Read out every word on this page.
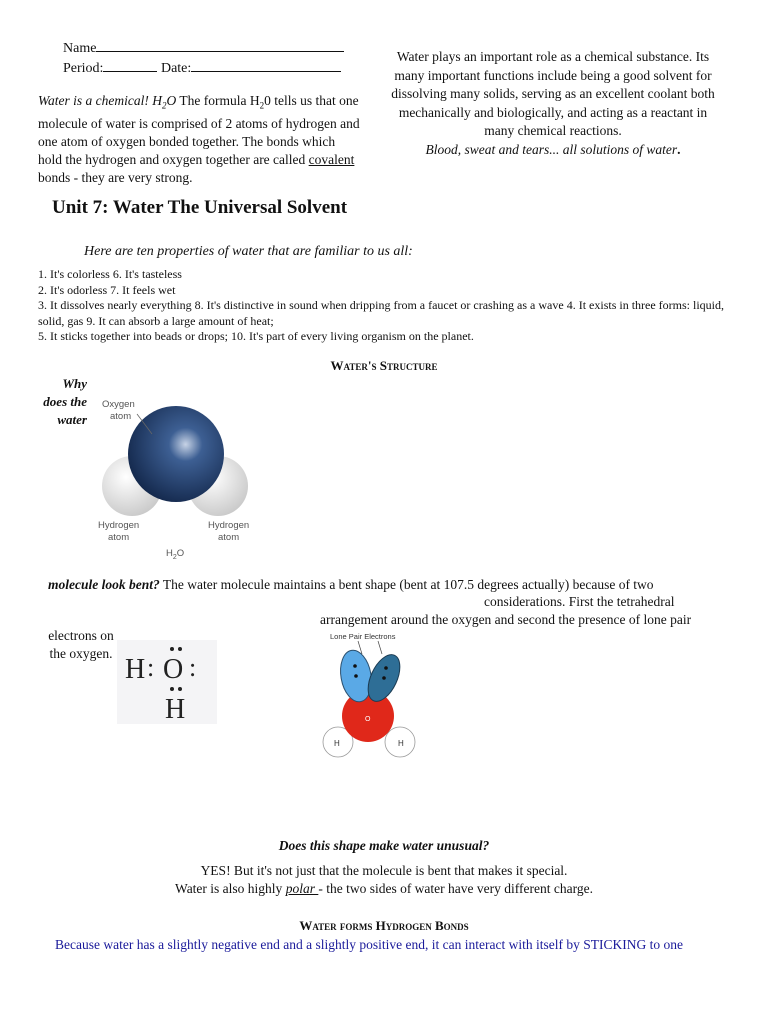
Name
Period:	Date:
Water is a chemical! $H_2O$ The formula $H_20$ tells us that one molecule of water is comprised of 2 atoms of hydrogen and one atom of oxygen bonded together. The bonds which hold the hydrogen and oxygen together are called covalent bonds - they are very strong.
Water plays an important role as a chemical substance. Its many important functions include being a good solvent for dissolving many solids, serving as an excellent coolant both mechanically and biologically, and acting as a reactant in many chemical reactions.
Blood, sweat and tears... all solutions of water.
Unit 7: Water The Universal Solvent
Here are ten properties of water that are familiar to us all:
1. It's colorless 6. It's tasteless
2. It's odorless 7. It feels wet
3. It dissolves nearly everything 8. It's distinctive in sound when dripping from a faucet or crashing as a wave 4. It exists in three forms: liquid, solid, gas 9. It can absorb a large amount of heat;
5. It sticks together into beads or drops; 10. It's part of every living organism on the planet.
Water's Structure
Why does the water
Oxygen
atom
Hydrogen
atom
Hydrogen
atom
$H_2O$
molecule look bent? The water molecule maintains a bent shape (bent at 107.5 degrees actually) because of two
considerations. First the tetrahedral
arrangement around the oxygen and second the presence of lone pair
electrons on the oxygen.
H : O :
H
Lone Pair Electrons
H	H
O
Does this shape make water unusual?
YES! But it's not just that the molecule is bent that makes it special.
Water is also highly polar - the two sides of water have very different charge.
Water forms Hydrogen Bonds
Because water has a slightly negative end and a slightly positive end, it can interact with itself by STICKING to one
